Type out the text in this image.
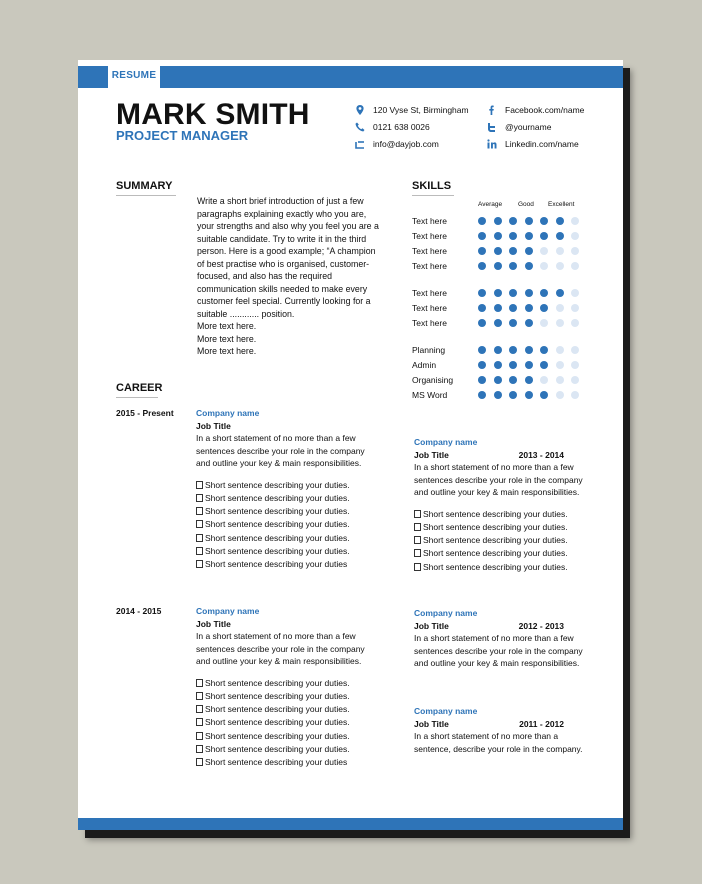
RESUME
MARK SMITH
PROJECT MANAGER
120 Vyse St, Birmingham
0121 638 0026
info@dayjob.com
Facebook.com/name
@yourname
Linkedin.com/name
SUMMARY

Write a short brief introduction of just a few paragraphs explaining exactly who you are, your strengths and also why you feel you are a suitable candidate. Try to write it in the third person. Here is a good example; “A champion of best practise who is organised, customer-focused, and also has the required communication skills needed to make every customer feel special. Currently looking for a suitable ............ position.

More text here.

More text here.

More text here.

SKILLS
Average Good Excellent
Text here
Text here
Text here
Text here
Text here
Text here
Text here
Planning
Admin
Organising
MS Word
CAREER
2015 - Present	Company name
Job Title

In a short statement of no more than a few sentences describe your role in the company and outline your key & main responsibilities.

Short sentence describing your duties.
Short sentence describing your duties.
Short sentence describing your duties.
Short sentence describing your duties.
Short sentence describing your duties.
Short sentence describing your duties.
Short sentence describing your duties
2014 - 2015	Company name
Job Title

In a short statement of no more than a few sentences describe your role in the company and outline your key & main responsibilities.

Short sentence describing your duties.
Short sentence describing your duties.
Short sentence describing your duties.
Short sentence describing your duties.
Short sentence describing your duties.
Short sentence describing your duties.
Short sentence describing your duties
Company name
Job Title	2013 - 2014

In a short statement of no more than a few sentences describe your role in the company and outline your key & main responsibilities.

Short sentence describing your duties.
Short sentence describing your duties.
Short sentence describing your duties.
Short sentence describing your duties.
Short sentence describing your duties.
Company name
Job Title	2012 - 2013

In a short statement of no more than a few sentences describe your role in the company and outline your key & main responsibilities.

Company name
Job Title	2011 - 2012

In a short statement of no more than a sentence, describe your role in the company.
